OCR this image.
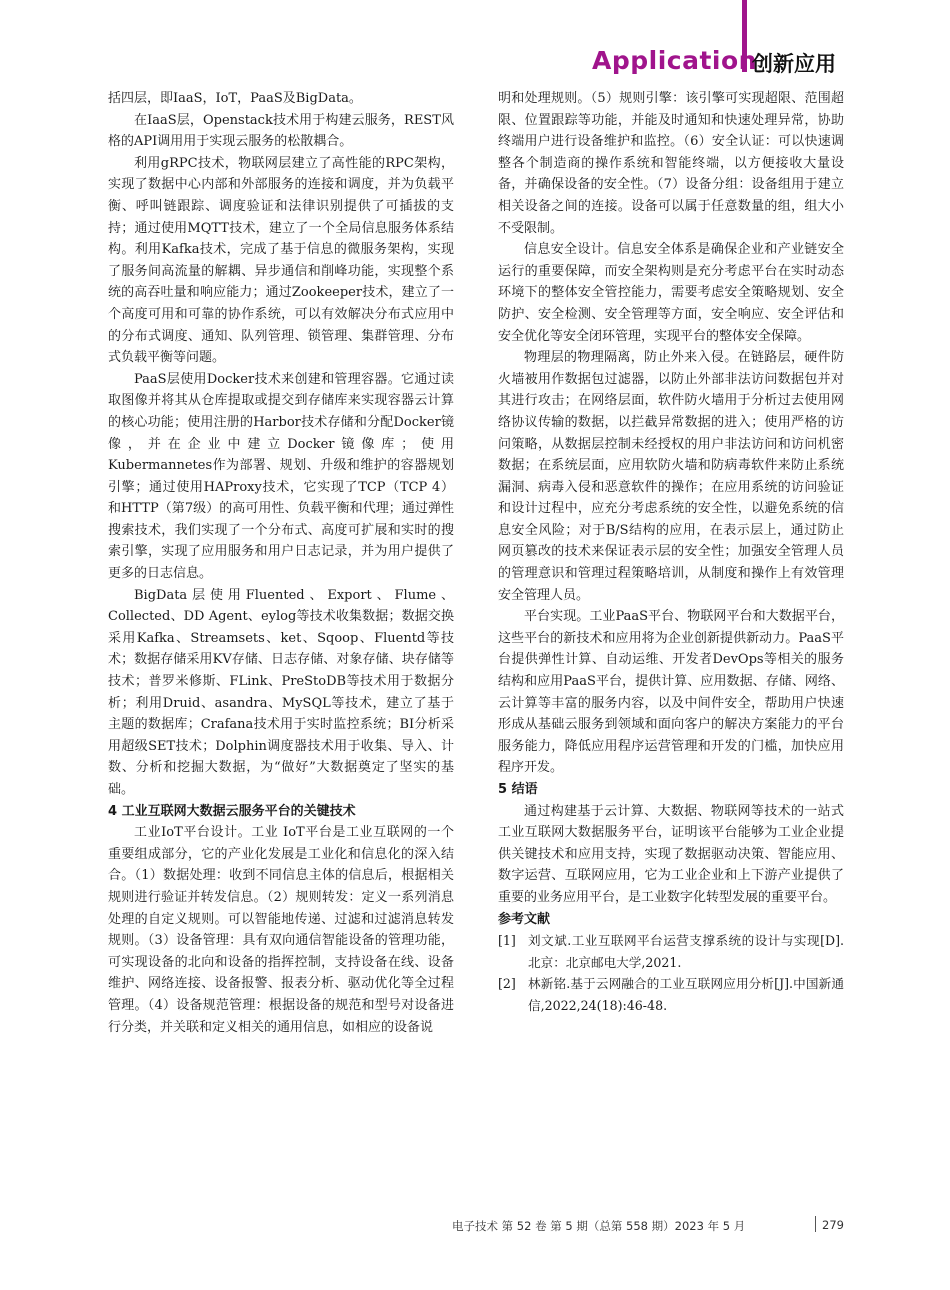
Application
创新应用

括四层，即IaaS，IoT，PaaS及BigData。

在IaaS层，Openstack技术用于构建云服务，REST风格的API调用用于实现云服务的松散耦合。

利用gRPC技术，物联网层建立了高性能的RPC架构，实现了数据中心内部和外部服务的连接和调度，并为负载平衡、呼叫链跟踪、调度验证和法律识别提供了可插拔的支持；通过使用MQTT技术，建立了一个全局信息服务体系结构。利用Kafka技术，完成了基于信息的微服务架构，实现了服务间高流量的解耦、异步通信和削峰功能，实现整个系统的高吞吐量和响应能力；通过Zookeeper技术，建立了一个高度可用和可靠的协作系统，可以有效解决分布式应用中的分布式调度、通知、队列管理、锁管理、集群管理、分布式负载平衡等问题。

PaaS层使用Docker技术来创建和管理容器。它通过读取图像并将其从仓库提取或提交到存储库来实现容器云计算的核心功能；使用注册的Harbor技术存储和分配Docker镜像，并在企业中建立Docker镜像库；使用Kubermannetes作为部署、规划、升级和维护的容器规划引擎；通过使用HAProxy技术，它实现了TCP（TCP 4）和HTTP（第7级）的高可用性、负载平衡和代理；通过弹性搜索技术，我们实现了一个分布式、高度可扩展和实时的搜索引擎，实现了应用服务和用户日志记录，并为用户提供了更多的日志信息。

BigData层使用Fluented、Export、Flume、Collected、DD Agent、eylog等技术收集数据；数据交换采用Kafka、Streamsets、ket、Sqoop、Fluentd等技术；数据存储采用KV存储、日志存储、对象存储、块存储等技术；普罗米修斯、FLink、PreStoDB等技术用于数据分析；利用Druid、asandra、MySQL等技术，建立了基于主题的数据库；Crafana技术用于实时监控系统；BI分析采用超级SET技术；Dolphin调度器技术用于收集、导入、计数、分析和挖掘大数据，为“做好”大数据奠定了坚实的基础。

4 工业互联网大数据云服务平台的关键技术

工业IoT平台设计。工业 IoT平台是工业互联网的一个重要组成部分，它的产业化发展是工业化和信息化的深入结合。（1）数据处理：收到不同信息主体的信息后，根据相关规则进行验证并转发信息。（2）规则转发：定义一系列消息处理的自定义规则。可以智能地传递、过滤和过滤消息转发规则。（3）设备管理：具有双向通信智能设备的管理功能，可实现设备的北向和设备的指挥控制，支持设备在线、设备维护、网络连接、设备报警、报表分析、驱动优化等全过程管理。（4）设备规范管理：根据设备的规范和型号对设备进行分类，并关联和定义相关的通用信息，如相应的设备说

明和处理规则。（5）规则引擎：该引擎可实现超限、范围超限、位置跟踪等功能，并能及时通知和快速处理异常，协助终端用户进行设备维护和监控。（6）安全认证：可以快速调整各个制造商的操作系统和智能终端，以方便接收大量设备，并确保设备的安全性。（7）设备分组：设备组用于建立相关设备之间的连接。设备可以属于任意数量的组，组大小不受限制。

信息安全设计。信息安全体系是确保企业和产业链安全运行的重要保障，而安全架构则是充分考虑平台在实时动态环境下的整体安全管控能力，需要考虑安全策略规划、安全防护、安全检测、安全管理等方面，安全响应、安全评估和安全优化等安全闭环管理，实现平台的整体安全保障。

物理层的物理隔离，防止外来入侵。在链路层，硬件防火墙被用作数据包过滤器，以防止外部非法访问数据包并对其进行攻击；在网络层面，软件防火墙用于分析过去使用网络协议传输的数据，以拦截异常数据的进入；使用严格的访问策略，从数据层控制未经授权的用户非法访问和访问机密数据；在系统层面，应用软防火墙和防病毒软件来防止系统漏洞、病毒入侵和恶意软件的操作；在应用系统的访问验证和设计过程中，应充分考虑系统的安全性，以避免系统的信息安全风险；对于B/S结构的应用，在表示层上，通过防止网页篡改的技术来保证表示层的安全性；加强安全管理人员的管理意识和管理过程策略培训，从制度和操作上有效管理安全管理人员。

平台实现。工业PaaS平台、物联网平台和大数据平台，这些平台的新技术和应用将为企业创新提供新动力。PaaS平台提供弹性计算、自动运维、开发者DevOps等相关的服务结构和应用PaaS平台，提供计算、应用数据、存储、网络、云计算等丰富的服务内容，以及中间件安全，帮助用户快速形成从基础云服务到领域和面向客户的解决方案能力的平台服务能力，降低应用程序运营管理和开发的门槛，加快应用程序开发。

5 结语

通过构建基于云计算、大数据、物联网等技术的一站式工业互联网大数据服务平台，证明该平台能够为工业企业提供关键技术和应用支持，实现了数据驱动决策、智能应用、数字运营、互联网应用，它为工业企业和上下游产业提供了重要的业务应用平台，是工业数字化转型发展的重要平台。

参考文献
[1] 刘文斌.工业互联网平台运营支撑系统的设计与实现[D].北京：北京邮电大学,2021.
[2] 林新铭.基于云网融合的工业互联网应用分析[J].中国新通信,2022,24(18):46-48.
电子技术 第 52 卷 第 5 期（总第 558 期）2023 年 5 月	279
